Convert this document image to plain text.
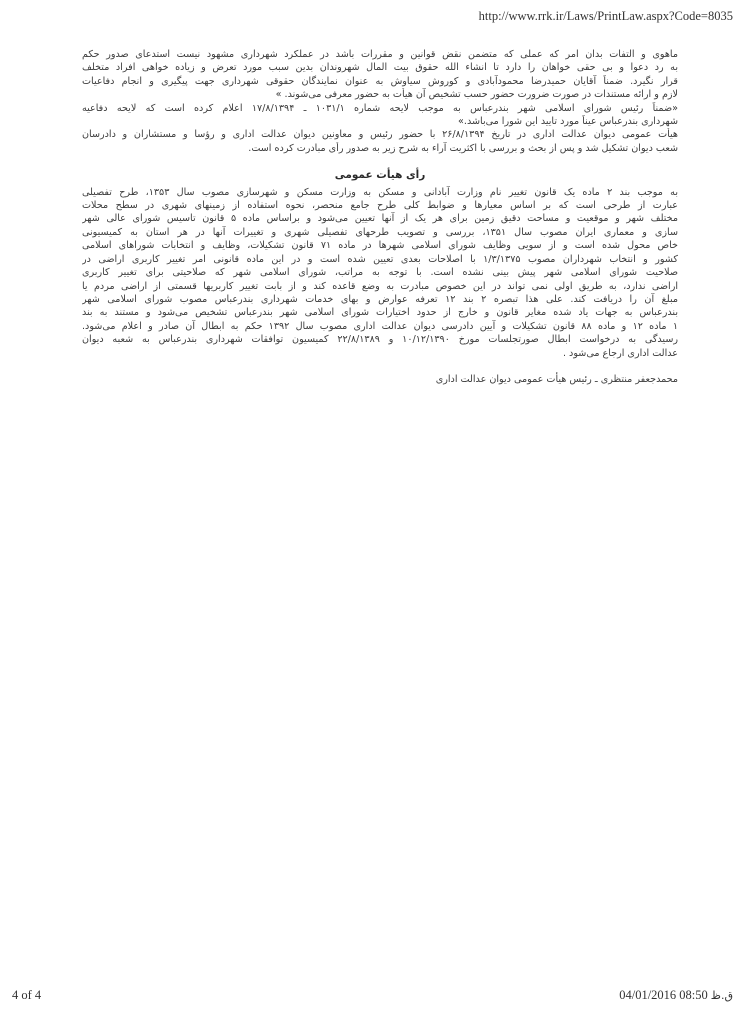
http://www.rrk.ir/Laws/PrintLaw.aspx?Code=8035

ماهوی و التفات بدان امر که عملی که متضمن نقض قوانین و مقررات باشد در عملکرد شهرداری مشهود نیست استدعای صدور حکم
به رد دعوا و بی حقی خواهان را دارد تا انشاء الله حقوق بیت المال شهروندان بدین سبب مورد تعرض و زیاده خواهی افراد متخلف
قرار نگیرد. ضمناً آقایان حمیدرضا محمودآبادی و کوروش سیاوش به عنوان نمایندگان حقوقی شهرداری جهت پیگیری و انجام دفاعیات
لازم و ارائه مستندات در صورت ضرورت حضور حسب تشخیص آن هیأت به حضور معرفی می‌شوند. »

«ضمناً رئیس شورای اسلامی شهر بندرعباس به موجب لایحه شماره ۱۰۳۱/۱ ـ ۱۷/۸/۱۳۹۴ اعلام کرده است که لایحه دفاعیه
شهرداری بندرعباس عیناً مورد تایید این شورا می‌باشد.»

هیأت عمومی دیوان عدالت اداری در تاریخ ۲۶/۸/۱۳۹۴ با حضور رئیس و معاونین دیوان عدالت اداری و رؤسا و مستشاران و دادرسان
شعب دیوان تشکیل شد و پس از بحث و بررسی با اکثریت آراء به شرح زیر به صدور رأی مبادرت کرده است.

رأی هیأت عمومی

به موجب بند ۲ ماده یک قانون تغییر نام وزارت آبادانی و مسکن به وزارت مسکن و شهرسازی مصوب سال ۱۳۵۳، طرح تفصیلی
عبارت از طرحی است که بر اساس معیارها و ضوابط کلی طرح جامع منحصر، نحوه استفاده از زمینهای شهری در سطح محلات
مختلف شهر و موقعیت و مساحت دقیق زمین برای هر یک از آنها تعیین می‌شود و براساس ماده ۵ قانون تاسیس شورای عالی شهر
سازی و معماری ایران مصوب سال ۱۳۵۱، بررسی و تصویب طرحهای تفصیلی شهری و تغییرات آنها در هر استان به کمیسیونی
خاص محول شده است و از سویی وظایف شورای اسلامی شهرها در ماده ۷۱ قانون تشکیلات، وظایف و انتخابات شوراهای اسلامی
کشور و انتخاب شهرداران مصوب ۱/۳/۱۳۷۵ با اصلاحات بعدی تعیین شده است و در این ماده قانونی امر تغییر کاربری اراضی در
صلاحیت شورای اسلامی شهر پیش بینی نشده است. با توجه به مراتب، شورای اسلامی شهر که صلاحیتی برای تغییر کاربری
اراضی ندارد، به طریق اولی نمی تواند در این خصوص مبادرت به وضع قاعده کند و از بابت تغییر کاربریها قسمتی از اراضی مردم یا
مبلغ آن را دریافت کند. علی هذا تبصره ۲ بند ۱۲ تعرفه عوارض و بهای خدمات شهرداری بندرعباس مصوب شورای اسلامی شهر
بندرعباس به جهات یاد شده مغایر قانون و خارج از حدود اختیارات شورای اسلامی شهر بندرعباس تشخیص می‌شود و مستند به بند
۱ ماده ۱۲ و ماده ۸۸ قانون تشکیلات و آیین دادرسی دیوان عدالت اداری مصوب سال ۱۳۹۲ حکم به ابطال آن صادر و اعلام می‌شود.
رسیدگی به درخواست ابطال صورتجلسات مورخ ۱۰/۱۲/۱۳۹۰ و ۲۲/۸/۱۳۸۹ کمیسیون توافقات شهرداری بندرعباس به شعبه دیوان
عدالت اداری ارجاع می‌شود .

محمدجعفر منتظری ـ رئیس هیأت عمومی دیوان عدالت اداری
4 of 4	04/01/2016 08:50 ق.ظ
